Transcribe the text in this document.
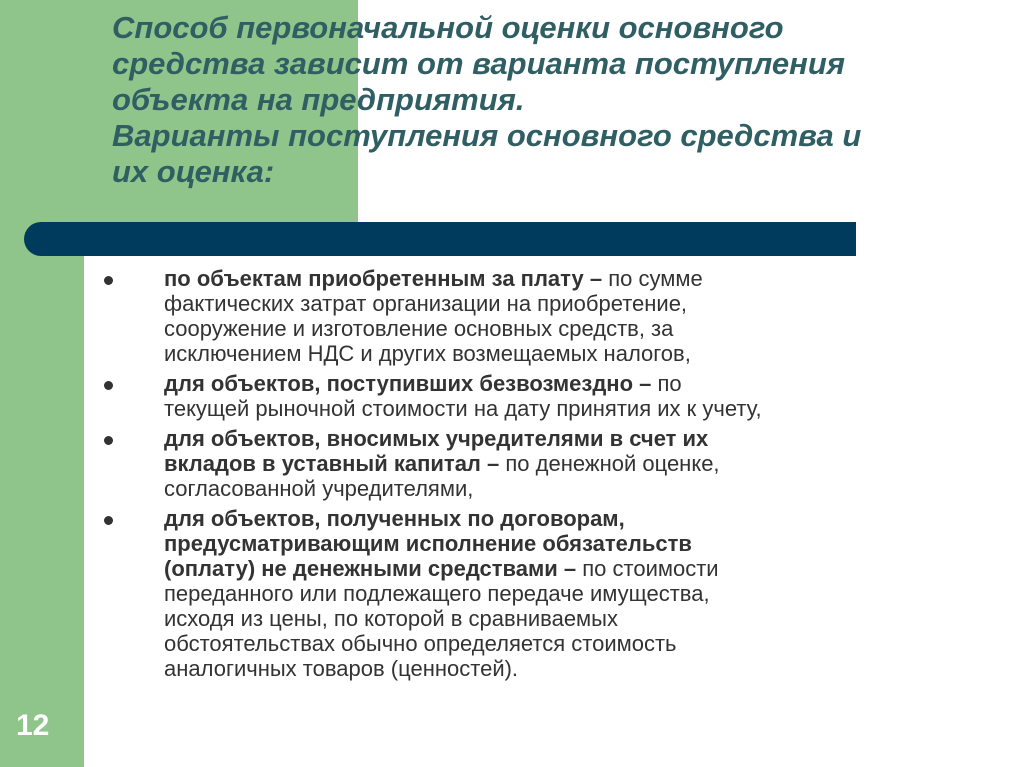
Способ первоначальной оценки основного
средства зависит от варианта поступления
объекта на предприятия.
Варианты поступления основного средства и
их оценка:
по объектам приобретенным за плату – по сумме
фактических затрат организации на приобретение,
сооружение и изготовление основных средств, за
исключением НДС и других возмещаемых налогов,
для объектов, поступивших безвозмездно – по
текущей рыночной стоимости на дату принятия их к учету,
для объектов, вносимых учредителями в счет их
вкладов в уставный капитал – по денежной оценке,
согласованной учредителями,
для объектов, полученных по договорам,
предусматривающим исполнение обязательств
(оплату) не денежными средствами – по стоимости
переданного или подлежащего передаче имущества,
исходя из цены, по которой в сравниваемых
обстоятельствах обычно определяется стоимость
аналогичных товаров (ценностей).
12
